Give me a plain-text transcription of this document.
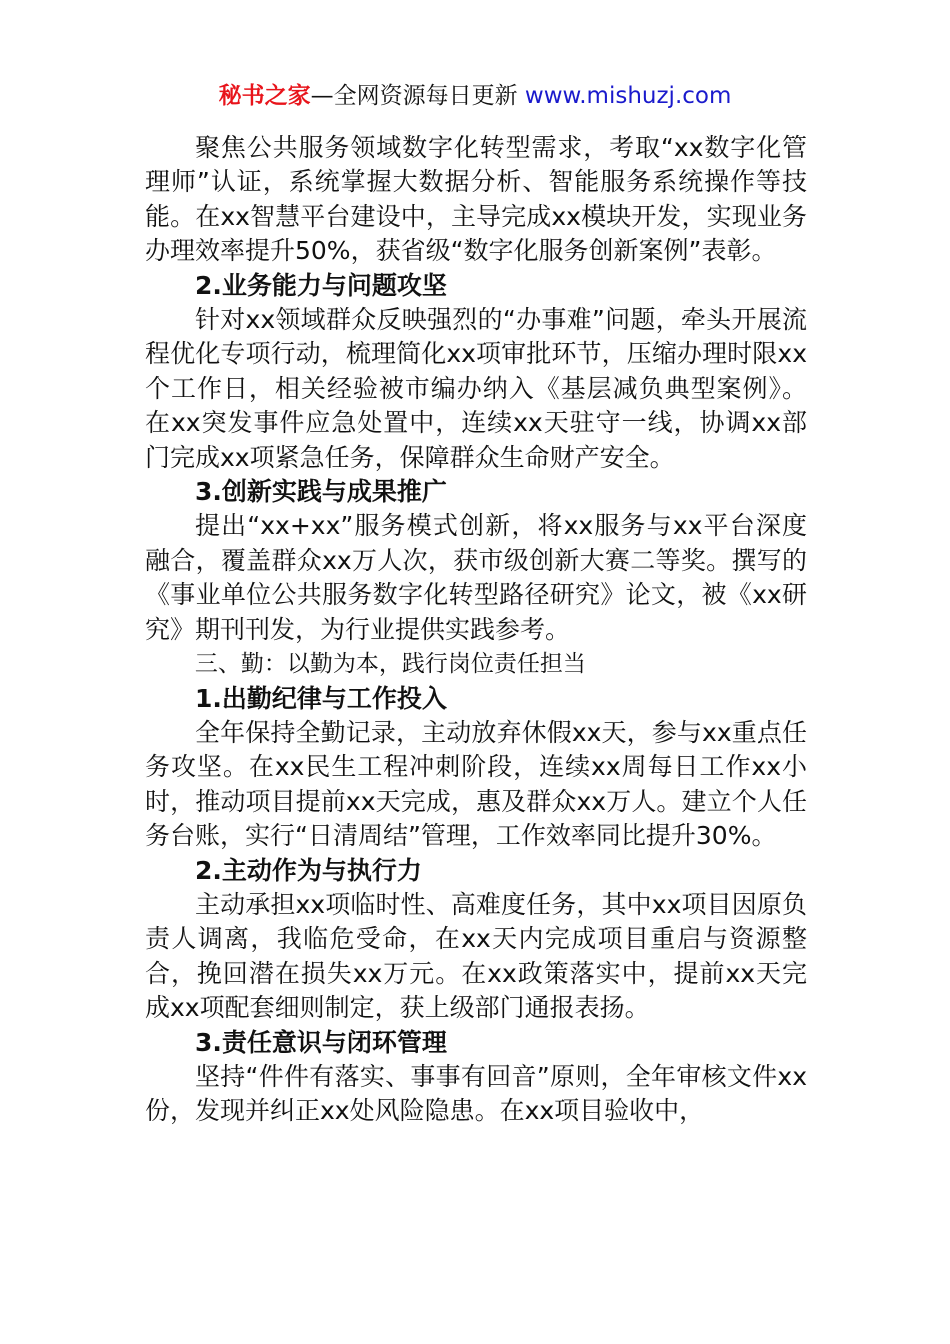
秘书之家—全网资源每日更新 www.mishuzj.com

聚焦公共服务领域数字化转型需求，考取“xx数字化管理师”认证，系统掌握大数据分析、智能服务系统操作等技能。在xx智慧平台建设中，主导完成xx模块开发，实现业务办理效率提升50%，获省级“数字化服务创新案例”表彰。

2.业务能力与问题攻坚

针对xx领域群众反映强烈的“办事难”问题，牵头开展流程优化专项行动，梳理简化xx项审批环节，压缩办理时限xx个工作日，相关经验被市编办纳入《基层减负典型案例》。在xx突发事件应急处置中，连续xx天驻守一线，协调xx部门完成xx项紧急任务，保障群众生命财产安全。

3.创新实践与成果推广

提出“xx+xx”服务模式创新，将xx服务与xx平台深度融合，覆盖群众xx万人次，获市级创新大赛二等奖。撰写的《事业单位公共服务数字化转型路径研究》论文，被《xx研究》期刊刊发，为行业提供实践参考。

三、勤：以勤为本，践行岗位责任担当

1.出勤纪律与工作投入

全年保持全勤记录，主动放弃休假xx天，参与xx重点任务攻坚。在xx民生工程冲刺阶段，连续xx周每日工作xx小时，推动项目提前xx天完成，惠及群众xx万人。建立个人任务台账，实行“日清周结”管理，工作效率同比提升30%。

2.主动作为与执行力

主动承担xx项临时性、高难度任务，其中xx项目因原负责人调离，我临危受命，在xx天内完成项目重启与资源整合，挽回潜在损失xx万元。在xx政策落实中，提前xx天完成xx项配套细则制定，获上级部门通报表扬。

3.责任意识与闭环管理

坚持“件件有落实、事事有回音”原则，全年审核文件xx份，发现并纠正xx处风险隐患。在xx项目验收中，
